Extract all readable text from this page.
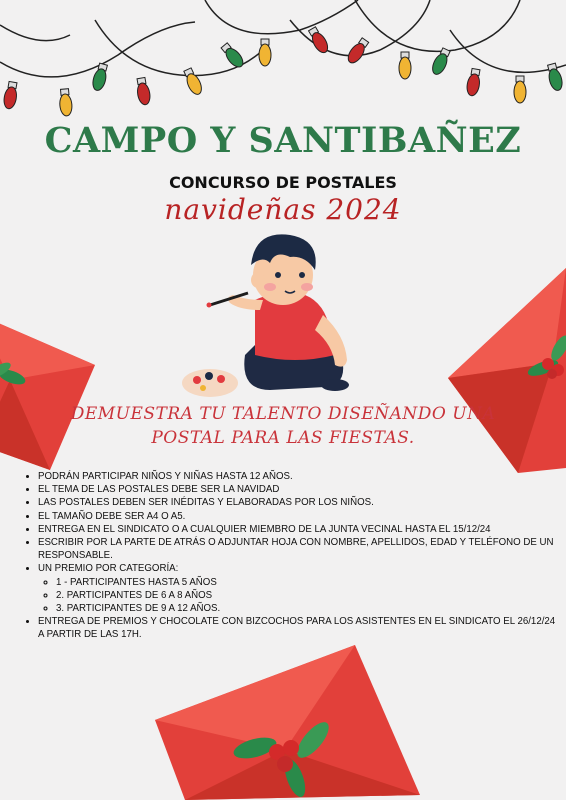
CAMPO Y SANTIBAÑEZ
CONCURSO DE POSTALES
navideñas 2024
DEMUESTRA TU TALENTO DISEÑANDO UNA
POSTAL PARA LAS FIESTAS.
• PODRÁN PARTICIPAR NIÑOS Y NIÑAS HASTA 12 AÑOS.
• EL TEMA DE LAS POSTALES DEBE SER LA NAVIDAD
• LAS POSTALES DEBEN SER INÉDITAS Y ELABORADAS POR LOS NIÑOS.
• EL TAMAÑO DEBE SER A4 O A5.
• ENTREGA EN EL SINDICATO O A CUALQUIER MIEMBRO DE LA JUNTA VECINAL HASTA EL 15/12/24
• ESCRIBIR POR LA PARTE DE ATRÁS O ADJUNTAR HOJA CON NOMBRE, APELLIDOS, EDAD Y TELÉFONO DE UN RESPONSABLE.
• UN PREMIO POR CATEGORÍA:
◦ 1 - PARTICIPANTES HASTA 5 AÑOS
◦ 2. PARTICIPANTES DE 6 A 8 AÑOS
◦ 3. PARTICIPANTES DE 9 A 12 AÑOS.
• ENTREGA DE PREMIOS Y CHOCOLATE CON BIZCOCHOS PARA LOS ASISTENTES EN EL SINDICATO EL 26/12/24 A PARTIR DE LAS 17H.
